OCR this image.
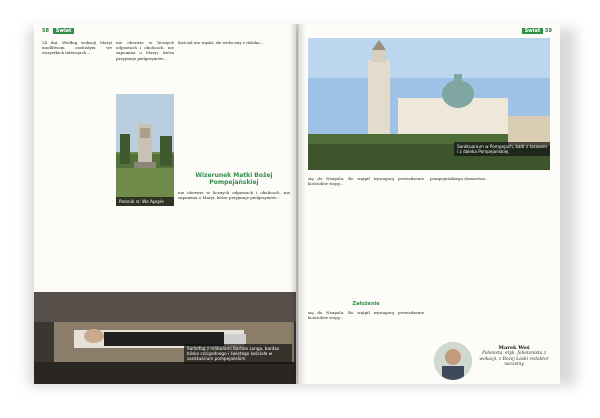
58 Świat
24 dni. Według wokacji Maryi modlitwom osobistym we wszystkich intencjach...
Pomnik rz. Wo Apsyle
nie oberwie w licznych odpustach i okolicach, nie zapomina o Maryi, która przyjmuje pielgrzymów...
Wizerunek Matki Bożej Pompejańskiej
Kościoł nie wąski, ale widoczny z daleka...
nie oberwie w licznych odpustach i okolicach, nie zapomina o Maryi, która przyjmuje pielgrzymów...
Sarkofag z relikwiami Bartolo Longo, bardzo blisko czcigodnego i świętego kościoła w sanktuarium pompejańskim
Świat 59
Sanktuarium w Pompejach, kadr z tarasem i z daleka Pompejańskiej
się do Neapolu. Bo wątpił wyznajacy prowadzenie kościołów stopy...
Założenie
się do Neapolu. Bo wątpił wyznajacy prowadzenie kościołów stopy...
pompejańskiego domostwa...
Marek Woś
Polonista, etyk, felietonista z wokacji, z Bożej Łaski redaktor naczelny
